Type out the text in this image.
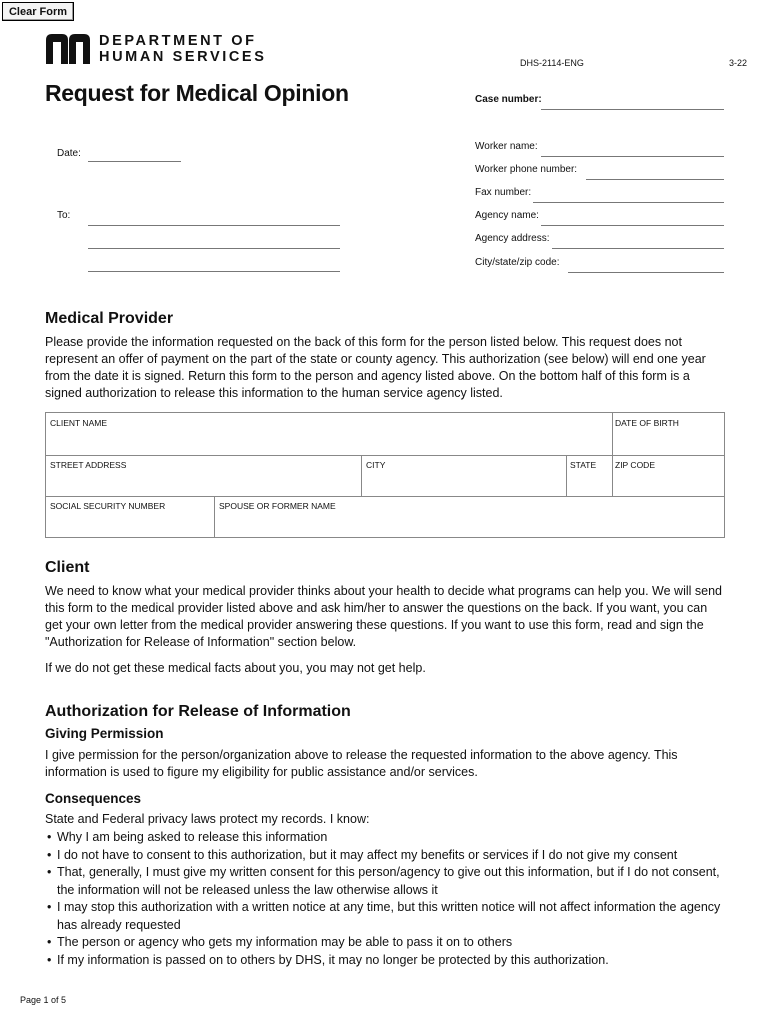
Clear Form
DEPARTMENT OF
HUMAN SERVICES	DHS-2114-ENG	3-22
Request for Medical Opinion	Case number:
Date:
To:
Worker name:
Worker phone number:
Fax number:
Agency name:
Agency address:
City/state/zip code:
Medical Provider
Please provide the information requested on the back of this form for the person listed below. This request does not represent an offer of payment on the part of the state or county agency. This authorization (see below) will end one year from the date it is signed. Return this form to the person and agency listed above. On the bottom half of this form is a signed authorization to release this information to the human service agency listed.
CLIENT NAME	DATE OF BIRTH
STREET ADDRESS	CITY	STATE ZIP CODE
SOCIAL SECURITY NUMBER	SPOUSE OR FORMER NAME
Client
We need to know what your medical provider thinks about your health to decide what programs can help you. We will send this form to the medical provider listed above and ask him/her to answer the questions on the back. If you want, you can get your own letter from the medical provider answering these questions. If you want to use this form, read and sign the "Authorization for Release of Information" section below.
If we do not get these medical facts about you, you may not get help.
Authorization for Release of Information
Giving Permission
I give permission for the person/organization above to release the requested information to the above agency. This information is used to figure my eligibility for public assistance and/or services.
Consequences
State and Federal privacy laws protect my records. I know:
• Why I am being asked to release this information
• I do not have to consent to this authorization, but it may affect my benefits or services if I do not give my consent
• That, generally, I must give my written consent for this person/agency to give out this information, but if I do not consent, the information will not be released unless the law otherwise allows it
• I may stop this authorization with a written notice at any time, but this written notice will not affect information the agency has already requested
• The person or agency who gets my information may be able to pass it on to others
• If my information is passed on to others by DHS, it may no longer be protected by this authorization.
Page 1 of 5
